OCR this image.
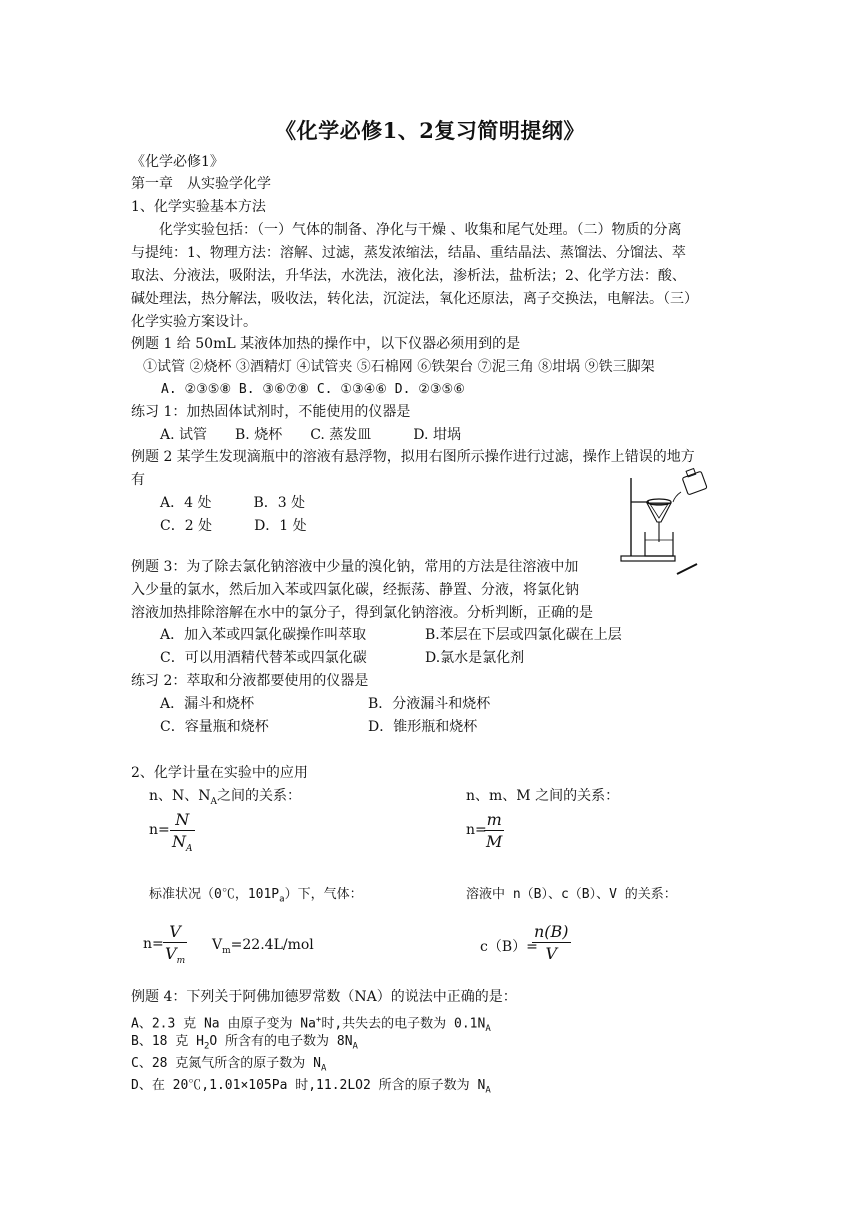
《化学必修1、2复习简明提纲》
《化学必修1》
第一章　从实验学化学
1、化学实验基本方法
化学实验包括：（一）气体的制备、净化与干燥 、收集和尾气处理。（二）物质的分离
与提纯：1、物理方法：溶解、过滤，蒸发浓缩法，结晶、重结晶法、蒸馏法、分馏法、萃
取法、分液法，吸附法，升华法，水洗法，液化法，渗析法，盐析法；2、化学方法：酸、
碱处理法，热分解法，吸收法，转化法，沉淀法，氧化还原法，离子交换法，电解法。（三）
化学实验方案设计。
例题 1 给 50mL 某液体加热的操作中，以下仪器必须用到的是
①试管 ②烧杯 ③酒精灯 ④试管夹 ⑤石棉网 ⑥铁架台 ⑦泥三角 ⑧坩埚 ⑨铁三脚架
A. ②③⑤⑧ B. ③⑥⑦⑧ C. ①③④⑥ D. ②③⑤⑥
练习 1：加热固体试剂时，不能使用的仪器是
A. 试管　　B. 烧杯　　C. 蒸发皿　　　D. 坩埚
例题 2 某学生发现滴瓶中的溶液有悬浮物，拟用右图所示操作进行过滤，操作上错误的地方
有
A．4 处　　　B．3 处
C．2 处　　　D．1 处
例题 3：为了除去氯化钠溶液中少量的溴化钠，常用的方法是往溶液中加
入少量的氯水，然后加入苯或四氯化碳，经振荡、静置、分液，将氯化钠
溶液加热排除溶解在水中的氯分子，得到氯化钠溶液。分析判断，正确的是
A．加入苯或四氯化碳操作叫萃取	B.苯层在下层或四氯化碳在上层
C．可以用酒精代替苯或四氯化碳	D.氯水是氯化剂
练习 2：萃取和分液都要使用的仪器是
A．漏斗和烧杯	B．分液漏斗和烧杯
C．容量瓶和烧杯	D．锥形瓶和烧杯
2、化学计量在实验中的应用
n、N、$N_A$之间的关系：	n、m、M 之间的关系：
n=
N
$N_A$
n=
m
M
标准状况（0℃，$101P_a$）下，气体：	溶液中 n（B）、c（B）、V 的关系：
n=
V
$V_m$
$V_m=22.4L$/mol	c（B）=
n(B)
V
例题 4：下列关于阿佛加德罗常数（NA）的说法中正确的是：
A、2.3 克 Na 由原子变为 Na+时,共失去的电子数为 $0.1N_A$
B、18 克 $H_2O$ 所含有的电子数为 $8N_A$
C、28 克氮气所含的原子数为 $N_A$
D、在 20℃,1.01×105Pa 时,11.2LO2 所含的原子数为 $N_A$
